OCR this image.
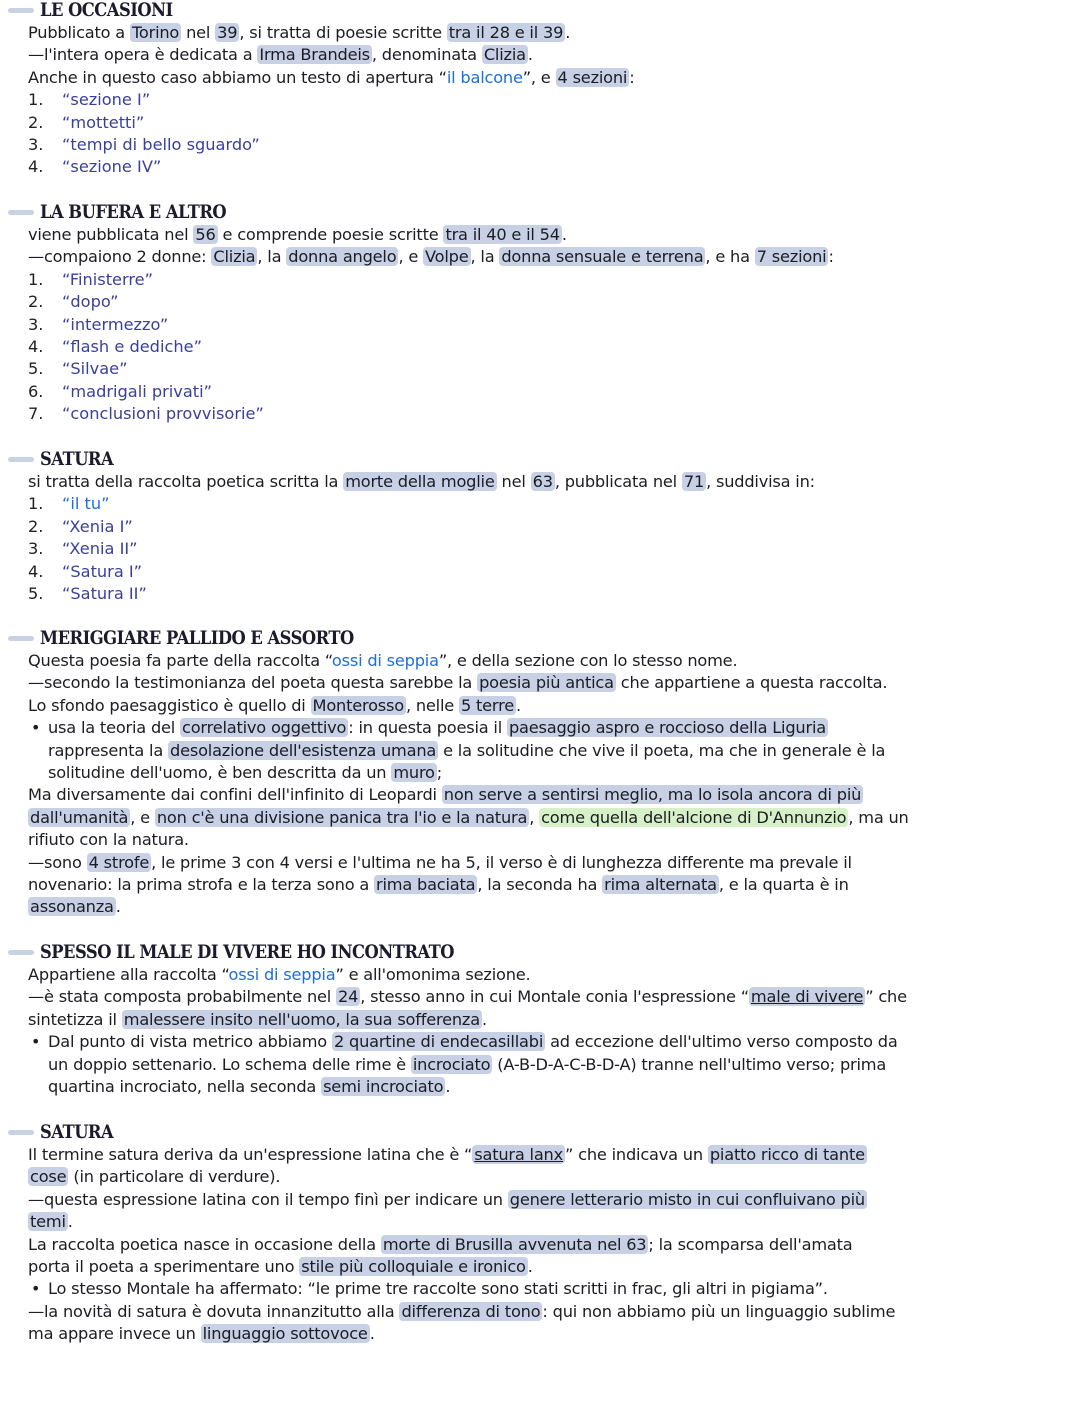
LE OCCASIONI
Pubblicato a Torino nel 39 , si tratta di poesie scritte tra il 28 e il 39 .
—l'intera opera è dedicata a Irma Brandeis , denominata Clizia .
Anche in questo caso abbiamo un testo di apertura “il balcone”, e 4 sezioni :
1. “sezione I”
2. “mottetti”
3. “tempi di bello sguardo”
4. “sezione IV”
LA BUFERA E ALTRO
viene pubblicata nel 56 e comprende poesie scritte tra il 40 e il 54 .
—compaiono 2 donne: Clizia , la donna angelo , e Volpe , la donna sensuale e terrena , e ha 7 sezioni :
1. “Finisterre”
2. “dopo”
3. “intermezzo”
4. “flash e dediche”
5. “Silvae”
6. “madrigali privati”
7. “conclusioni provvisorie”
SATURA
si tratta della raccolta poetica scritta la morte della moglie nel 63 , pubblicata nel 71 , suddivisa in:
1. “il tu”
2. “Xenia I”
3. “Xenia II”
4. “Satura I”
5. “Satura II”
MERIGGIARE PALLIDO E ASSORTO
Questa poesia fa parte della raccolta “ossi di seppia”, e della sezione con lo stesso nome.
—secondo la testimonianza del poeta questa sarebbe la poesia più antica che appartiene a questa raccolta.
Lo sfondo paesaggistico è quello di Monterosso , nelle 5 terre .
• usa la teoria del correlativo oggettivo : in questa poesia il paesaggio aspro e roccioso della Liguria
rappresenta la desolazione dell'esistenza umana e la solitudine che vive il poeta, ma che in generale è la
solitudine dell'uomo, è ben descritta da un muro ;
Ma diversamente dai confini dell'infinito di Leopardi non serve a sentirsi meglio, ma lo isola ancora di più
dall'umanità , e non c'è una divisione panica tra l'io e la natura , come quella dell'alcione di D'Annunzio , ma un
rifiuto con la natura.
—sono 4 strofe , le prime 3 con 4 versi e l'ultima ne ha 5, il verso è di lunghezza differente ma prevale il
novenario: la prima strofa e la terza sono a rima baciata , la seconda ha rima alternata , e la quarta è in
assonanza .
SPESSO IL MALE DI VIVERE HO INCONTRATO
Appartiene alla raccolta “ossi di seppia” e all'omonima sezione.
—è stata composta probabilmente nel 24 , stesso anno in cui Montale conia l'espressione “ male di vivere ” che
sintetizza il malessere insito nell'uomo, la sua sofferenza .
• Dal punto di vista metrico abbiamo 2 quartine di endecasillabi ad eccezione dell'ultimo verso composto da
un doppio settenario. Lo schema delle rime è incrociato (A-B-D-A-C-B-D-A) tranne nell'ultimo verso; prima
quartina incrociato, nella seconda semi incrociato .
SATURA
Il termine satura deriva da un'espressione latina che è “ satura lanx ” che indicava un piatto ricco di tante
cose (in particolare di verdure).
—questa espressione latina con il tempo finì per indicare un genere letterario misto in cui confluivano più
temi .
La raccolta poetica nasce in occasione della morte di Brusilla avvenuta nel 63 ; la scomparsa dell'amata
porta il poeta a sperimentare uno stile più colloquiale e ironico .
• Lo stesso Montale ha affermato: “le prime tre raccolte sono stati scritti in frac, gli altri in pigiama”.
—la novità di satura è dovuta innanzitutto alla differenza di tono : qui non abbiamo più un linguaggio sublime
ma appare invece un linguaggio sottovoce .
